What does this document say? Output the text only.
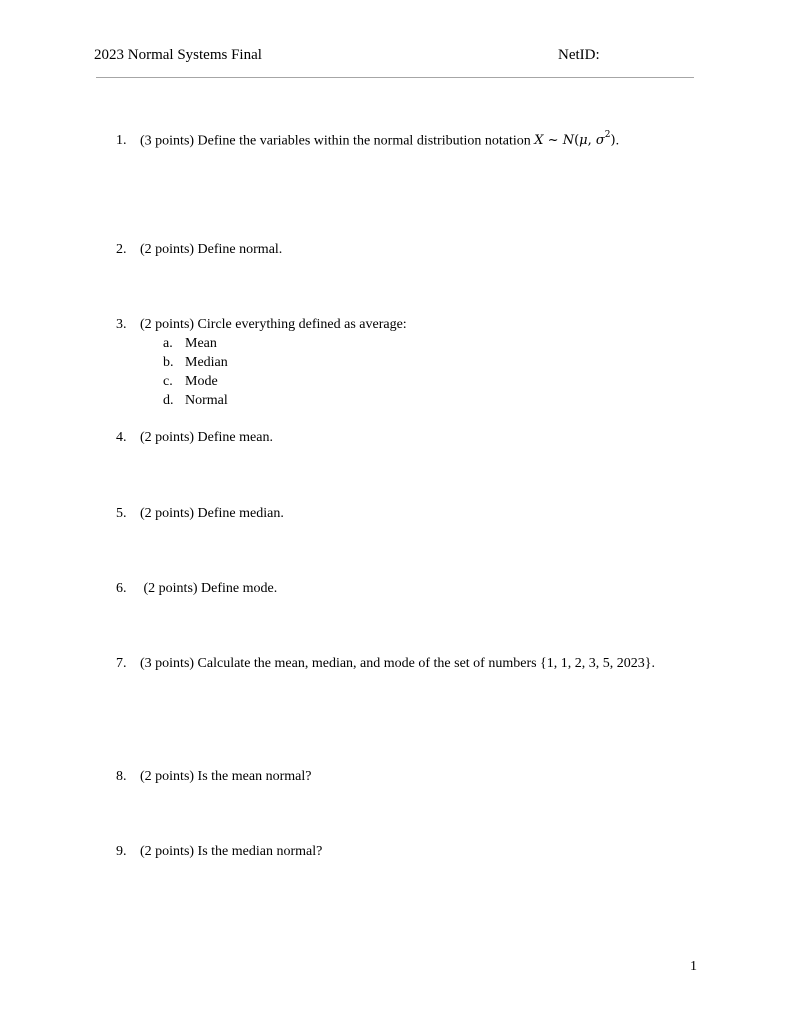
2023 Normal Systems Final	NetID:
1. (3 points) Define the variables within the normal distribution notation X ~ N(μ, $\sigma^2$).
2. (2 points) Define normal.
3. (2 points) Circle everything defined as average:
a. Mean
b. Median
c. Mode
d. Normal
4. (2 points) Define mean.
5. (2 points) Define median.
6. (2 points) Define mode.
7. (3 points) Calculate the mean, median, and mode of the set of numbers {1, 1, 2, 3, 5, 2023}.
8. (2 points) Is the mean normal?
9. (2 points) Is the median normal?
1
